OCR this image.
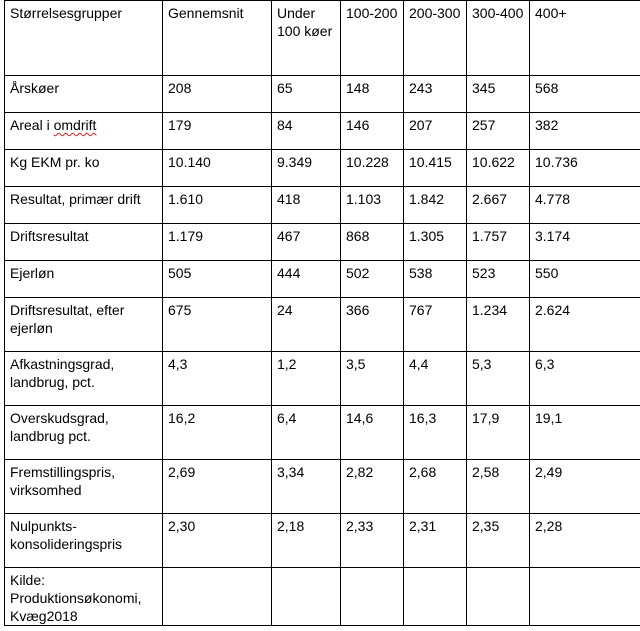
Størrelsesgrupper	Gennemsnit	Under 100 køer	100-200	200-300	300-400	400+
Årskøer	208	65	148	243	345	568
Areal i omdrift	179	84	146	207	257	382
Kg EKM pr. ko	10.140	9.349	10.228	10.415	10.622	10.736
Resultat, primær drift	1.610	418	1.103	1.842	2.667	4.778
Driftsresultat	1.179	467	868	1.305	1.757	3.174
Ejerløn	505	444	502	538	523	550
Driftsresultat, efter ejerløn	675	24	366	767	1.234	2.624
Afkastningsgrad, landbrug, pct.	4,3	1,2	3,5	4,4	5,3	6,3
Overskudsgrad, landbrug pct.	16,2	6,4	14,6	16,3	17,9	19,1
Fremstillingspris, virksomhed	2,69	3,34	2,82	2,68	2,58	2,49
Nulpunkts-konsolideringspris	2,30	2,18	2,33	2,31	2,35	2,28
Kilde: Produktionsøkonomi, Kvæg2018						
